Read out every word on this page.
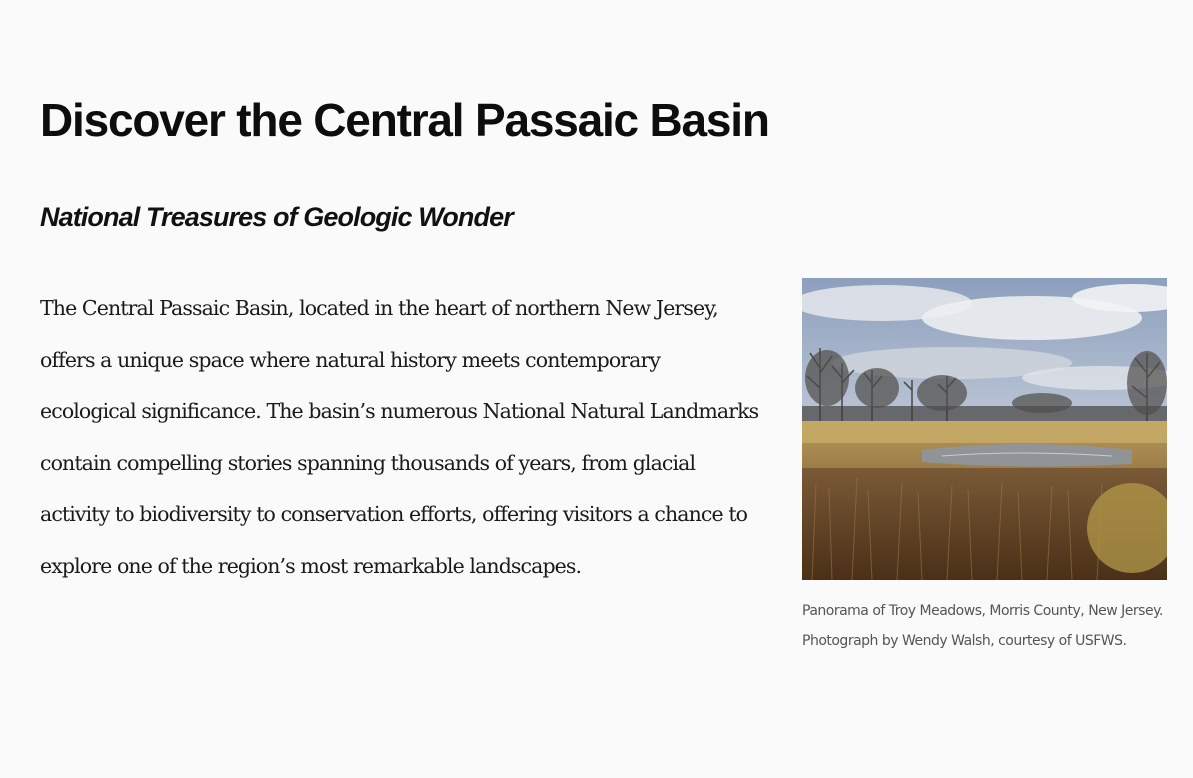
Discover the Central Passaic Basin
National Treasures of Geologic Wonder

The Central Passaic Basin, located in the heart of northern New Jersey, offers a unique space where natural history meets contemporary ecological significance. The basin’s numerous National Natural Landmarks contain compelling stories spanning thousands of years, from glacial activity to biodiversity to conservation efforts, offering visitors a chance to explore one of the region’s most remarkable landscapes.

Panorama of Troy Meadows, Morris County, New Jersey. Photograph by Wendy Walsh, courtesy of USFWS.
